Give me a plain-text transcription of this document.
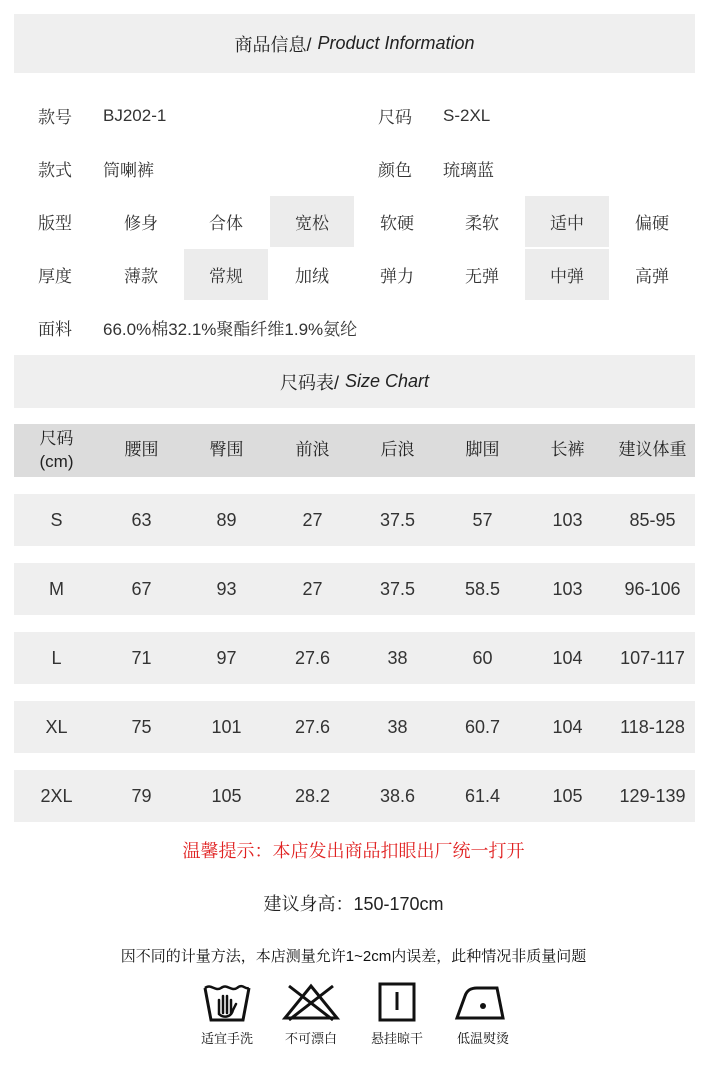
商品信息/ Product Information
款号 BJ202-1	尺码 S-2XL
款式 筒喇裤	颜色 琉璃蓝
版型	修身	合体	宽松	软硬	柔软	适中	偏硬
厚度	薄款	常规	加绒	弹力	无弹	中弹	高弹
面料 66.0%棉32.1%聚酯纤维1.9%氨纶
尺码表/ Size Chart
尺码
(cm)
腰围	臀围	前浪	后浪	脚围	长裤	建议体重
S	63	89	27	37.5	57	103	85-95
M	67	93	27	37.5	58.5	103	96-106
L	71	97	27.6	38	60	104	107-117
XL	75	101	27.6	38	60.7	104	118-128
2XL	79	105	28.2	38.6	61.4	105	129-139
温馨提示：本店发出商品扣眼出厂统一打开
建议身高：150-170cm
因不同的计量方法，本店测量允许1~2cm内误差，此种情况非质量问题
适宜手洗	不可漂白	悬挂晾干	低温熨烫
